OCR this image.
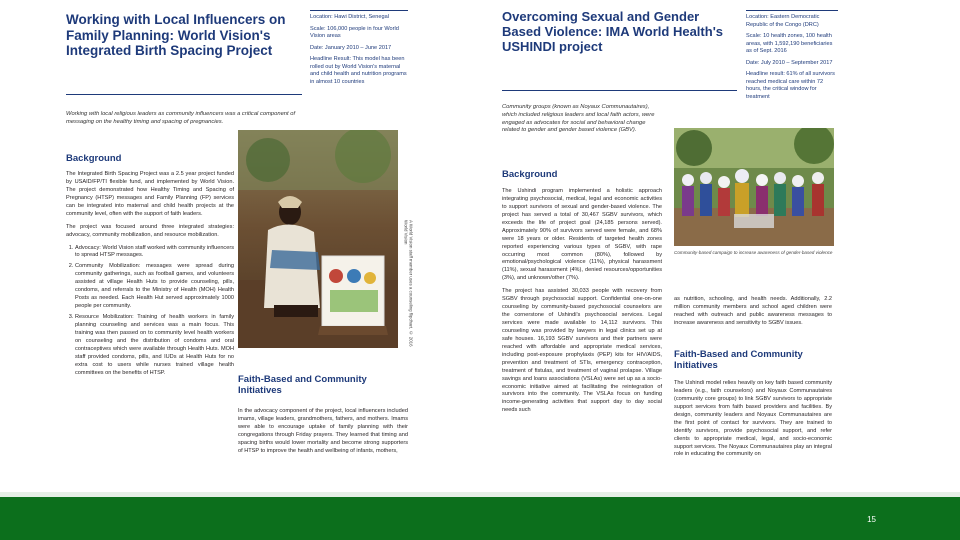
Working with Local Influencers on Family Planning: World Vision's Integrated Birth Spacing Project

Location: Hawi District, Senegal

Scale: 106,000 people in four World Vision areas

Date: January 2010 – June 2017

Headline Result: This model has been rolled out by World Vision's maternal and child health and nutrition programs in almost 10 countries

Working with local religious leaders as community influencers was a critical component of messaging on the healthy timing and spacing of pregnancies.
Background

The Integrated Birth Spacing Project was a 2.5 year project funded by USAID/FP/TI flexible fund, and implemented by World Vision. The project demonstrated how Healthy Timing and Spacing of Pregnancy (HTSP) messages and Family Planning (FP) services can be integrated into maternal and child health projects at the community level, often with the support of faith leaders.

The project was focused around three integrated strategies: advocacy, community mobilization, and resource mobilization.

1. Advocacy: World Vision staff worked with community influencers to spread HTSP messages.
2. Community Mobilization: messages were spread during community gatherings, such as football games, and volunteers assisted at village Health Huts to provide counseling, pills, condoms, and referrals to the Ministry of Health (MOH) Health Posts as needed. Each Health Hut served approximately 1000 people per community.
3. Resource Mobilization: Training of health workers in family planning counseling and services was a main focus. This training was then passed on to community level health workers on counseling and the distribution of condoms and oral contraceptives which were available through Health Huts. MOH staff provided condoms, pills, and IUDs at Health Huts for no extra cost to users while nurses trained village health committees on the benefits of HTSP.
A World Vision staff member uses a counseling flipchart. © 2016 World Vision
Faith-Based and Community Initiatives
In the advocacy component of the project, local influencers included imams, village leaders, grandmothers, fathers, and mothers. Imams were able to encourage uptake of family planning with their congregations through Friday prayers. They learned that timing and spacing births would lower mortality and become strong supporters of HTSP to improve the health and wellbeing of infants, mothers,
Overcoming Sexual and Gender Based Violence: IMA World Health's USHINDI project

Location: Eastern Democratic Republic of the Congo (DRC)

Scale: 10 health zones, 100 health areas, with 1,592,190 beneficiaries as of Sept. 2016

Date: July 2010 – September 2017

Headline result: 61% of all survivors reached medical care within 72 hours, the critical window for treatment

Community groups (known as Noyaux Communautaires), which included religious leaders and local faith actors, were engaged as advocates for social and behavioral change related to gender and gender based violence (GBV).
Background

The Ushindi program implemented a holistic approach integrating psychosocial, medical, legal and economic activities to support survivors of sexual and gender-based violence. The project has served a total of 30,467 SGBV survivors, which exceeds the life of project goal (24,185 persons served). Approximately 90% of survivors served were female, and 68% were 18 years or older. Residents of targeted health zones reported experiencing various types of SGBV, with rape occurring most common (80%), followed by emotional/psychological violence (11%), physical harassment (11%), sexual harassment (4%), denied resources/opportunities (3%), and unknown/other (7%).

The project has assisted 30,033 people with recovery from SGBV through psychosocial support. Confidential one-on-one counseling by community-based psychosocial counselors are the cornerstone of Ushindi's psychosocial services. Legal services were made available to 14,112 survivors. This counseling was provided by lawyers in legal clinics set up at safe houses. 16,193 SGBV survivors and their partners were reached with affordable and appropriate medical services, including post-exposure prophylaxis (PEP) kits for HIV/AIDS, prevention and treatment of STIs, emergency contraception, treatment of fistulas, and treatment of vaginal prolapse. Village savings and loans associations (VSLAs) were set up as a socio-economic initiative aimed at facilitating the reintegration of survivors into the community. The VSLAs focus on funding income-generating activities that support day to day social needs such

Community-based campaign to increase awareness of gender-based violence
as nutrition, schooling, and health needs. Additionally, 2.2 million community members and school aged children were reached with outreach and public awareness messages to increase awareness and sensitivity to SGBV issues.
Faith-Based and Community Initiatives
The Ushindi model relies heavily on key faith based community leaders (e.g., faith counselors) and Noyaux Communautaires (community core groups) to link SGBV survivors to appropriate support services from faith based providers and facilities. By design, community leaders and Noyaux Communautaires are the first point of contact for survivors. They are trained to identify survivors, provide psychosocial support, and refer clients to appropriate medical, legal, and socio-economic support services. The Noyaux Communautaires play an integral role in educating the community on
15
